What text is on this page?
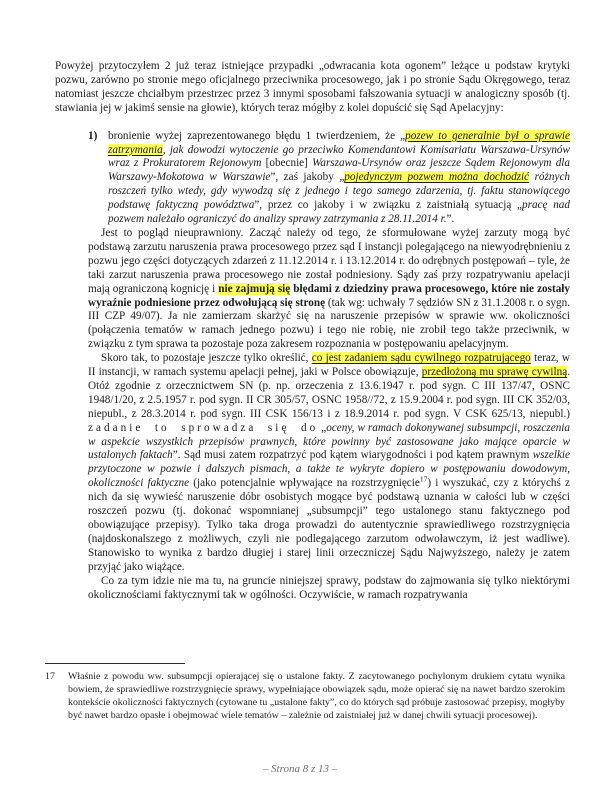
Powyżej przytoczyłem 2 już teraz istniejące przypadki „odwracania kota ogonem” leżące u podstaw krytyki pozwu, zarówno po stronie mego oficjalnego przeciwnika procesowego, jak i po stronie Sądu Okręgowego, teraz natomiast jeszcze chciałbym przestrzec przez 3 innymi sposobami fałszowania sytuacji w analogiczny sposób (tj. stawiania jej w jakimś sensie na głowie), których teraz mógłby z kolei dopuścić się Sąd Apelacyjny:

1) bronienie wyżej zaprezentowanego błędu 1 twierdzeniem, że „pozew to generalnie był o sprawie zatrzymania, jak dowodzi wytoczenie go przeciwko Komendantowi Komisariatu Warszawa-Ursynów wraz z Prokuratorem Rejonowym [obecnie] Warszawa-Ursynów oraz jeszcze Sądem Rejonowym dla Warszawy-Mokotowa w Warszawie”, zaś jakoby „pojedynczym pozwem można dochodzić różnych roszczeń tylko wtedy, gdy wywodzą się z jednego i tego samego zdarzenia, tj. faktu stanowiącego podstawę faktyczną powództwa”, przez co jakoby i w związku z zaistniałą sytuacją „pracę nad pozwem należało ograniczyć do analizy sprawy zatrzymania z 28.11.2014 r.”.

Jest to pogląd nieuprawniony. Zacząć należy od tego, że sformułowane wyżej zarzuty mogą być podstawą zarzutu naruszenia prawa procesowego przez sąd I instancji polegającego na niewyodrębnieniu z pozwu jego części dotyczących zdarzeń z 11.12.2014 r. i 13.12.2014 r. do odrębnych postępowań – tyle, że taki zarzut naruszenia prawa procesowego nie został podniesiony. Sądy zaś przy rozpatrywaniu apelacji mają ograniczoną kognicję i nie zajmują się błędami z dziedziny prawa procesowego, które nie zostały wyraźnie podniesione przez odwołującą się stronę (tak wg: uchwały 7 sędziów SN z 31.1.2008 r. o sygn. III CZP 49/07). Ja nie zamierzam skarżyć się na naruszenie przepisów w sprawie ww. okoliczności (połączenia tematów w ramach jednego pozwu) i tego nie robię, nie zrobił tego także przeciwnik, w związku z tym sprawa ta pozostaje poza zakresem rozpoznania w postępowaniu apelacyjnym.

Skoro tak, to pozostaje jeszcze tylko określić, co jest zadaniem sądu cywilnego rozpatrującego teraz, w II instancji, w ramach systemu apelacji pełnej, jaki w Polsce obowiązuje, przedłożoną mu sprawę cywilną. Otóż zgodnie z orzecznictwem SN (p. np. orzeczenia z 13.6.1947 r. pod sygn. C III 137/47, OSNC 1948/1/20, z 2.5.1957 r. pod sygn. II CR 305/57, OSNC 1958//72, z 15.9.2004 r. pod sygn. III CK 352/03, niepubl., z 28.3.2014 r. pod sygn. III CSK 156/13 i z 18.9.2014 r. pod sygn. V CSK 625/13, niepubl.) zadanie to sprowadza się do „oceny, w ramach dokonywanej subsumpcji, roszczenia w aspekcie wszystkich przepisów prawnych, które powinny być zastosowane jako mające oparcie w ustalonych faktach”. Sąd musi zatem rozpatrzyć pod kątem wiarygodności i pod kątem prawnym wszelkie przytoczone w pozwie i dalszych pismach, a także te wykryte dopiero w postępowaniu dowodowym, okoliczności faktyczne (jako potencjalnie wpływające na rozstrzygnięcie$^{17}$) i wyszukać, czy z którychś z nich da się wywieść naruszenie dóbr osobistych mogące być podstawą uznania w całości lub w części roszczeń pozwu (tj. dokonać wspomnianej „subsumpcji” tego ustalonego stanu faktycznego pod obowiązujące przepisy). Tylko taka droga prowadzi do autentycznie sprawiedliwego rozstrzygnięcia (najdoskonalszego z możliwych, czyli nie podlegającego zarzutom odwoławczym, iż jest wadliwe). Stanowisko to wynika z bardzo długiej i starej linii orzeczniczej Sądu Najwyższego, należy je zatem przyjąć jako wiążące.

Co za tym idzie nie ma tu, na gruncie niniejszej sprawy, podstaw do zajmowania się tylko niektórymi okolicznościami faktycznymi tak w ogólności. Oczywiście, w ramach rozpatrywania

17 Właśnie z powodu ww. subsumpcji opierającej się o ustalone fakty. Z zacytowanego pochylonym drukiem cytatu wynika bowiem, że sprawiedliwe rozstrzygnięcie sprawy, wypełniające obowiązek sądu, może opierać się na nawet bardzo szerokim kontekście okoliczności faktycznych (cytowane tu „ustalone fakty”, co do których sąd próbuje zastosować przepisy, mogłyby być nawet bardzo opasłe i obejmować wiele tematów – zależnie od zaistniałej już w danej chwili sytuacji procesowej).
– Strona 8 z 13 –
